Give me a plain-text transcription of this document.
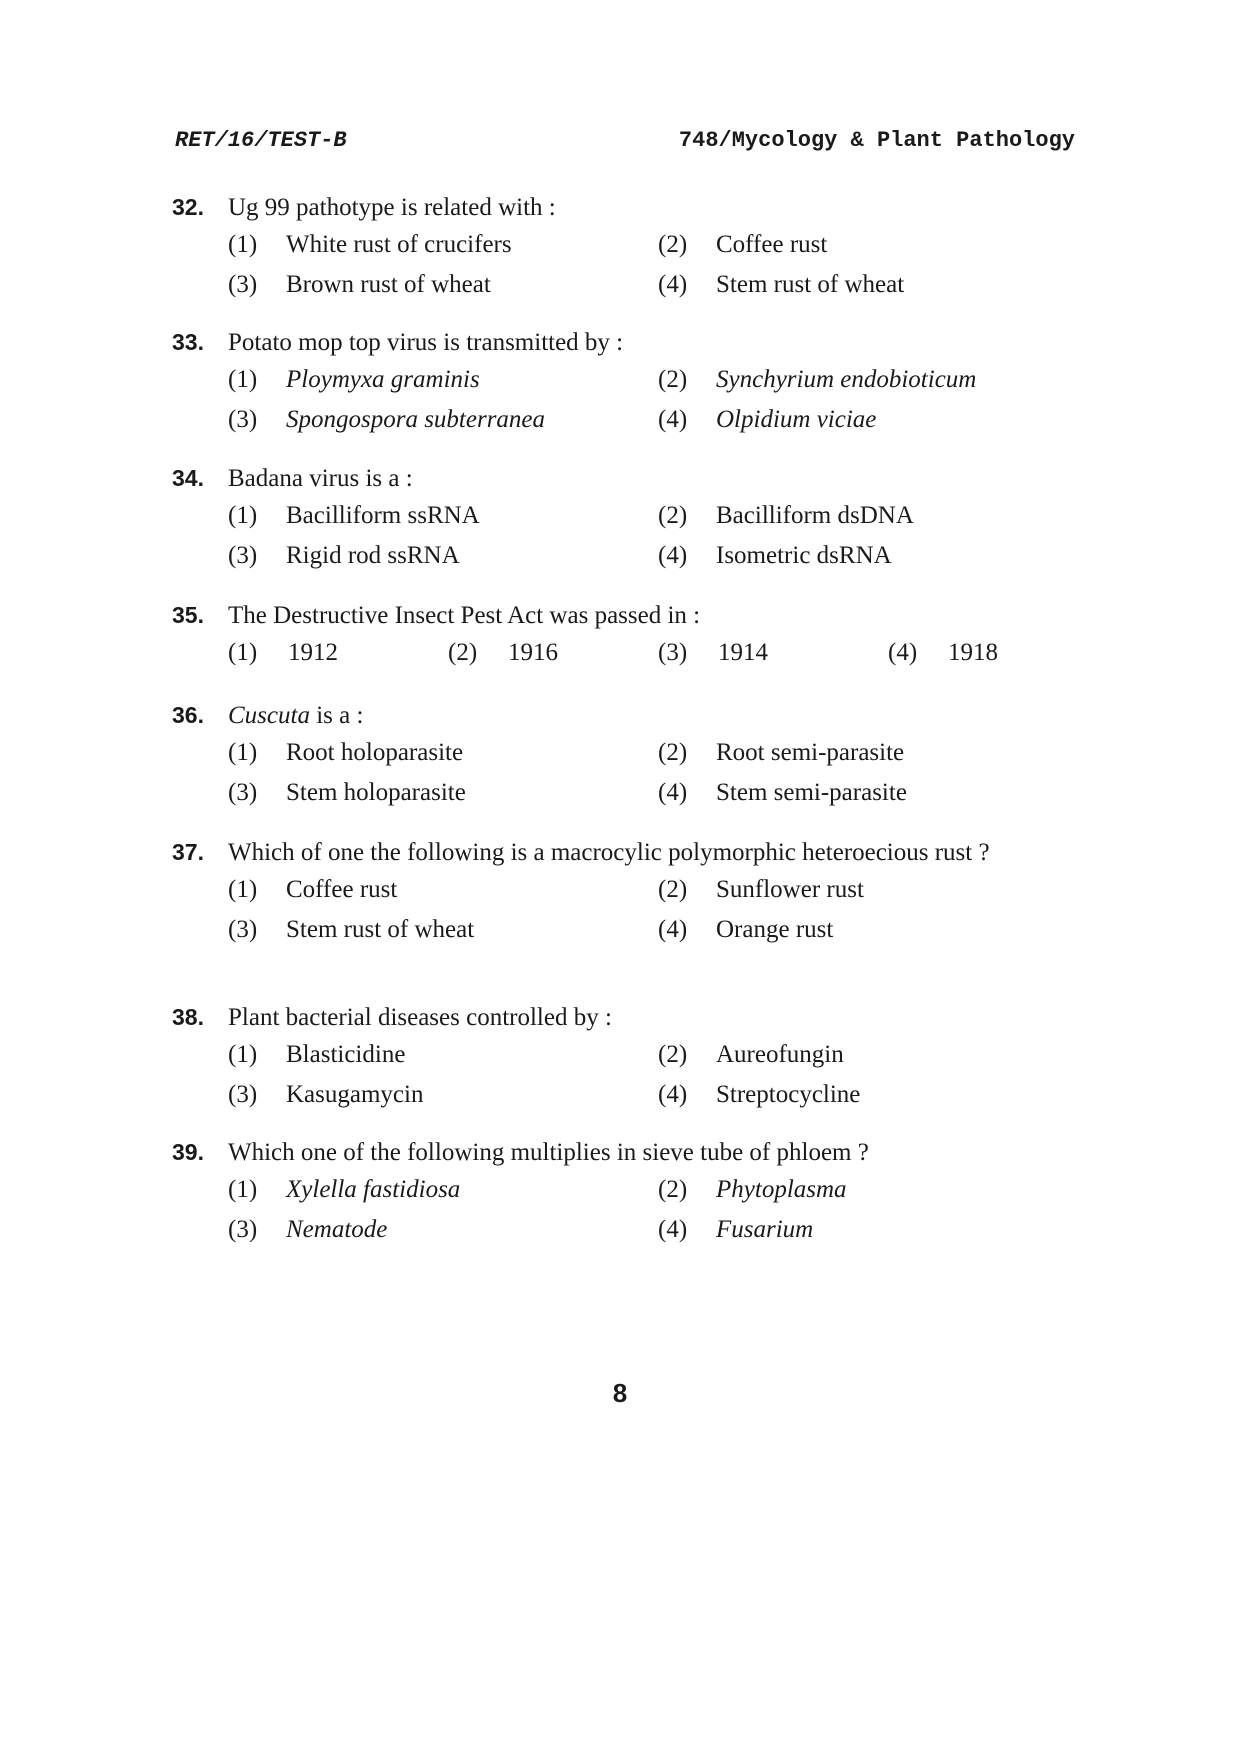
RET/16/TEST-B	748/Mycology & Plant Pathology
32. Ug 99 pathotype is related with :
(1)	White rust of crucifers	(2)	Coffee rust
(3)	Brown rust of wheat	(4)	Stem rust of wheat
33. Potato mop top virus is transmitted by :
(1)	Ploymyxa graminis	(2)	Synchyrium endobioticum
(3)	Spongospora subterranea	(4)	Olpidium viciae
34. Badana virus is a :
(1)	Bacilliform ssRNA	(2)	Bacilliform dsDNA
(3)	Rigid rod ssRNA	(4)	Isometric dsRNA
35. The Destructive Insect Pest Act was passed in :
(1)	1912	(2)	1916	(3)	1914	(4)	1918
36. Cuscuta is a :
(1)	Root holoparasite	(2)	Root semi-parasite
(3)	Stem holoparasite	(4)	Stem semi-parasite
37. Which of one the following is a macrocylic polymorphic heteroecious rust ?
(1)	Coffee rust	(2)	Sunflower rust
(3)	Stem rust of wheat	(4)	Orange rust
38. Plant bacterial diseases controlled by :
(1)	Blasticidine	(2)	Aureofungin
(3)	Kasugamycin	(4)	Streptocycline
39. Which one of the following multiplies in sieve tube of phloem ?
(1)	Xylella fastidiosa	(2)	Phytoplasma
(3)	Nematode	(4)	Fusarium
8
